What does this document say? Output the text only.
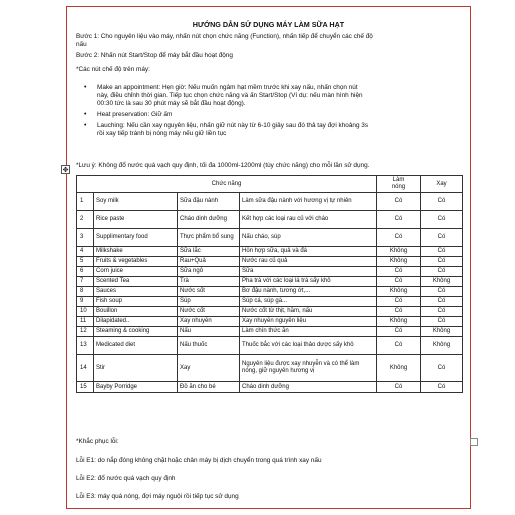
HƯỚNG DẪN SỬ DỤNG MÁY LÀM SỮA HẠT
Bước 1: Cho nguyên liệu vào máy, nhấn nút chọn chức năng (Function), nhấn tiếp để chuyển các chế độ
nấu
Bước 2: Nhấn nút Start/Stop để máy bắt đầu hoạt động
*Các nút chế độ trên máy:
• Make an appointment: Hẹn giờ: Nếu muốn ngâm hạt mềm trước khi xay nấu, nhấn chọn nút
này, điều chỉnh thời gian. Tiếp tục chọn chức năng và ấn Start/Stop (Ví dụ: nếu màn hình hiện
00:30 tức là sau 30 phút máy sẽ bắt đầu hoạt động).
• Heat preservation: Giữ ấm
• Lauching: Nếu cần xay nguyên liệu, nhấn giữ nút này từ 6-10 giây sau đó thả tay đợi khoảng 3s
rồi xay tiếp tránh bị nóng máy nếu giữ liền tục
*Lưu ý: Không đổ nước quá vạch quy định, tối đa 1000ml-1200ml (tùy chức năng) cho mỗi lần sử dụng.
✥
Chức năng				Làm
nóng	Xay
1	Soy milk	Sữa đậu nành	Làm sữa đậu nành với hương vị tự nhiên	Có	Có
2	Rice paste	Cháo dinh dưỡng	Kết hợp các loại rau củ với cháo	Có	Có
3	Supplimentary food	Thực phẩm bổ sung	Nấu cháo, súp	Có	Có
4	Milkshake	Sữa lắc	Hỗn hợp sữa, quả và đá	Không	Có
5	Fruits & vegetables	Rau+Quả	Nước rau củ quả	Không	Có
6	Corn juice	Sữa ngô	Sữa	Có	Có
7	Scented Tea	Trà	Pha trà với các loại lá trà sấy khô	Có	Không
8	Sauces	Nước sốt	Bơ đậu nành, tương ớt,...	Không	Có
9	Fish soup	Súp	Súp cá, súp gà...	Có	Có
10	Bouillon	Nước cốt	Nước cốt từ thịt, hầm, nấu	Có	Có
11	Dilapidated..	Xay nhuyễn	Xay nhuyễn nguyên liệu	Không	Có
12	Steaming & cooking	Nấu	Làm chín thức ăn	Có	Không
13	Medicated diet	Nấu thuốc	Thuốc bắc với các loại thảo dược sấy khô	Có	Không
14	Stir	Xay	Nguyên liệu được xay nhuyễn và có thể làm nóng, giữ nguyên hương vị	Không	Có
15	Bayby Porridge	Đồ ăn cho bé	Cháo dinh dưỡng	Có	Có
*Khắc phục lỗi:
Lỗi E1: do nắp đóng không chặt hoặc chân máy bị dịch chuyển trong quá trình xay nấu
Lỗi E2: đổ nước quá vạch quy định
Lỗi E3: máy quá nóng, đợi máy nguội rồi tiếp tục sử dụng
